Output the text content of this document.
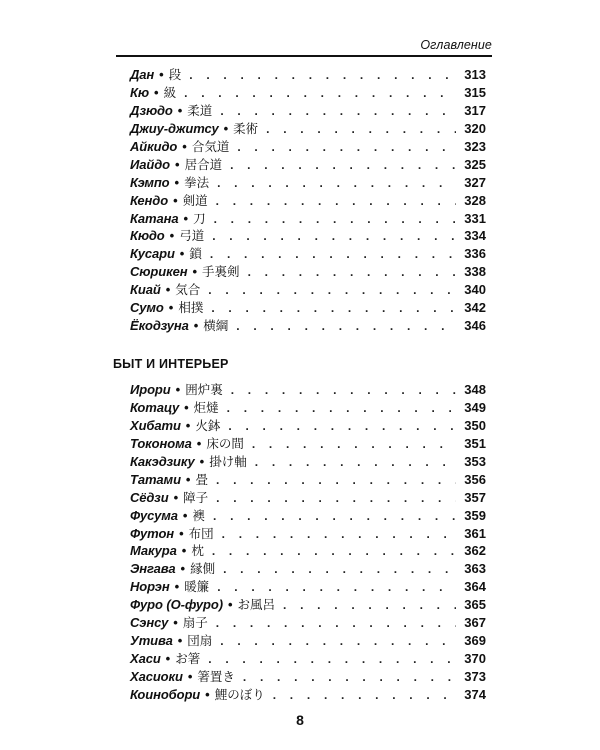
Оглавление
Дан • 段 . . .	313
Кю • 級 . . .	315
Дзюдо • 柔道 . . .	317
Джиу-джитсу • 柔術 . . .	320
Айкидо • 合気道 . . .	323
Иайдо • 居合道 . . .	325
Кэмпо • 拳法 . . .	327
Кендо • 剣道 . . .	328
Катана • 刀 . . .	331
Кюдо • 弓道 . . .	334
Кусари • 鎖 . . .	336
Сюрикен • 手裏剣 . . .	338
Киай • 気合 . . .	340
Сумо • 相撲 . . .	342
Ёкодзуна • 横綱 . . .	346
БЫТ И ИНТЕРЬЕР
Ирори • 囲炉裏 . . .	348
Котацу • 炬燵 . . .	349
Хибати • 火鉢 . . .	350
Токонома • 床の間 . . .	351
Какэдзику • 掛け軸 . . .	353
Татами • 畳 . . .	356
Сёдзи • 障子 . . .	357
Фусума • 襖 . . .	359
Футон • 布団 . . .	361
Макура • 枕 . . .	362
Энгава • 縁側 . . .	363
Норэн • 暖簾 . . .	364
Фуро (О-фуро) • お風呂 . . .	365
Сэнсу • 扇子 . . .	367
Утива • 団扇 . . .	369
Хаси • お箸 . . .	370
Хасиоки • 箸置き . . .	373
Коинобори • 鯉のぼり . . .	374
8
